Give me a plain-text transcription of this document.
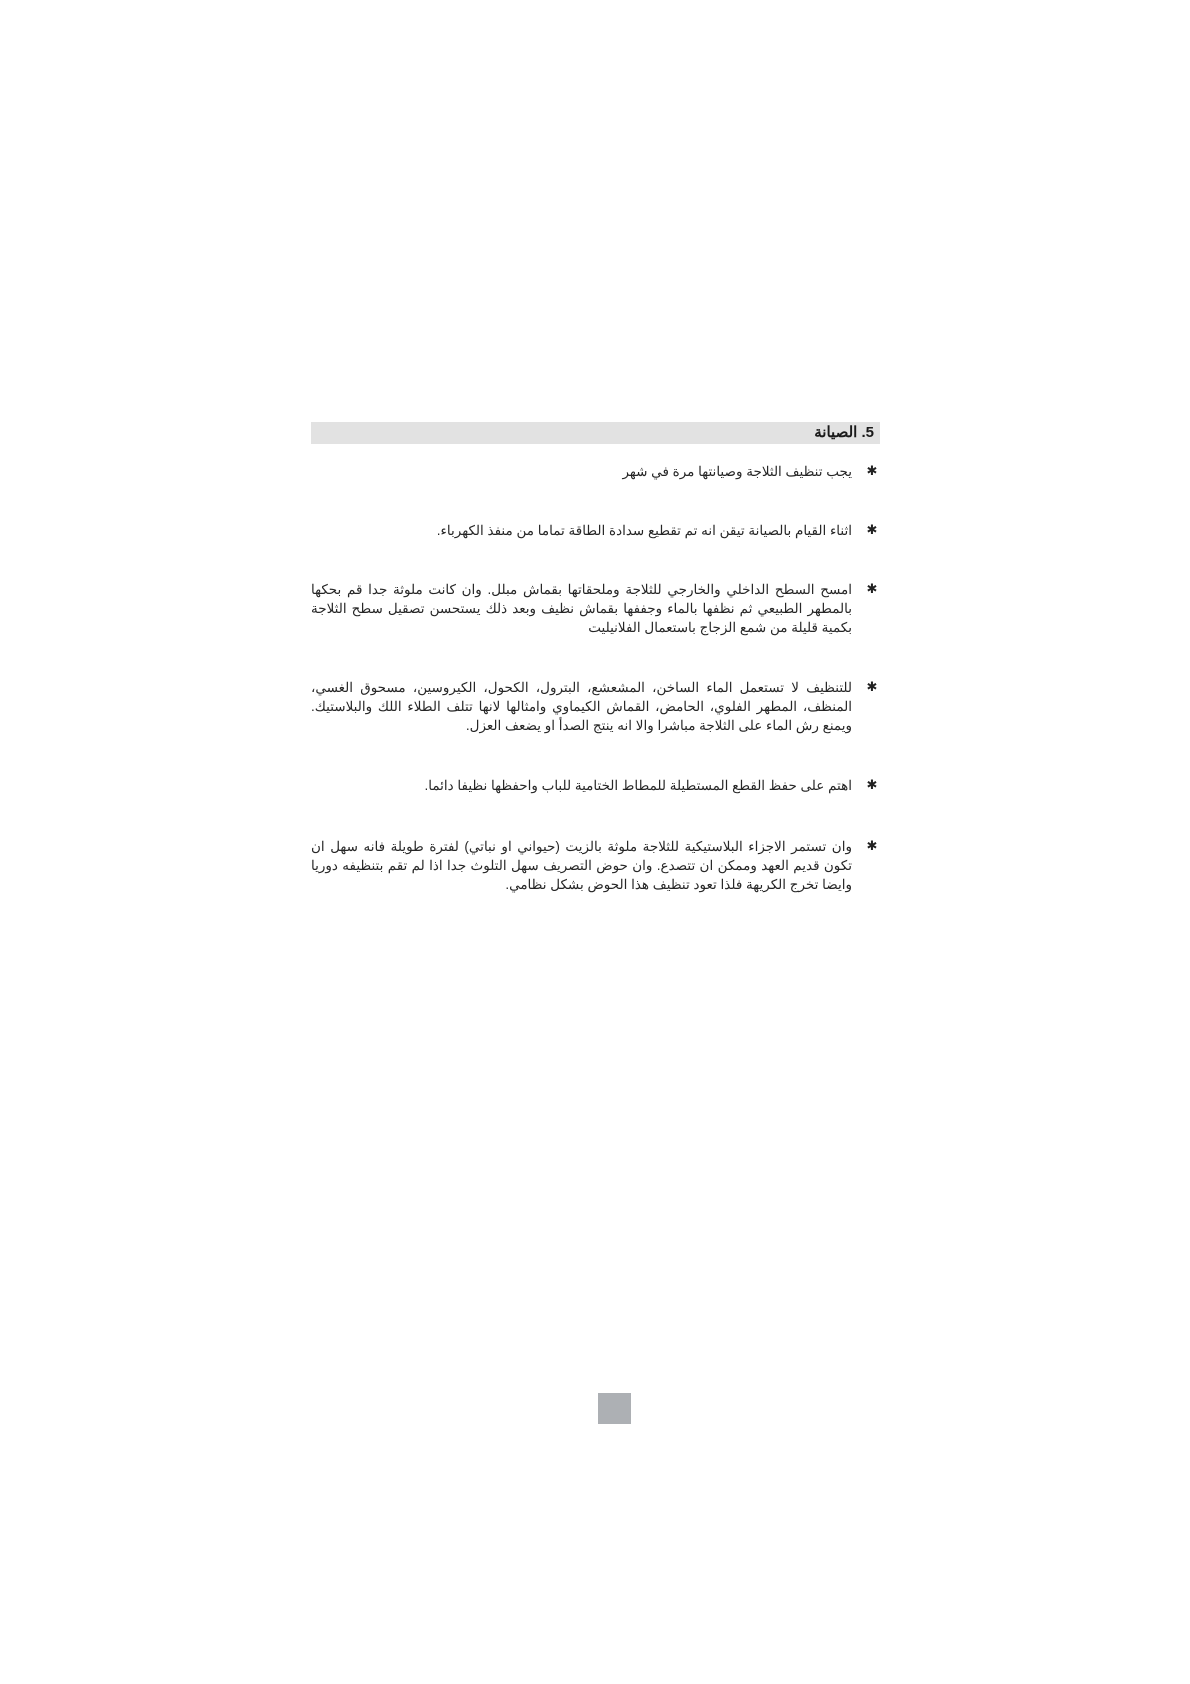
5. الصيانة
✱
يجب تنظيف الثلاجة وصيانتها مرة في شهر
✱
اثناء القيام بالصيانة تيقن انه تم تقطيع سدادة الطاقة تماما من منفذ الكهرباء.
✱
امسح السطح الداخلي والخارجي للثلاجة وملحقاتها بقماش مبلل. وان كانت ملوثة جدا قم بحكها بالمطهر الطبيعي ثم نظفها بالماء وجففها بقماش نظيف وبعد ذلك يستحسن تصقيل سطح الثلاجة بكمية قليلة من شمع الزجاج باستعمال الفلانيليت
✱
للتنظيف لا تستعمل الماء الساخن، المشعشع، البترول، الكحول، الكيروسين، مسحوق الغسي، المنظف، المطهر الفلوي، الحامض، القماش الكيماوي وامثالها لانها تتلف الطلاء اللك والبلاستيك. ويمنع رش الماء على الثلاجة مباشرا والا انه ينتج الصدأ او يضعف العزل.
✱
اهتم على حفظ القطع المستطيلة للمطاط الختامية للباب واحفظها نظيفا دائما.
✱
وان تستمر الاجزاء البلاستيكية للثلاجة ملوثة بالزيت (حيواني او نباتي) لفترة طويلة فانه سهل ان تكون قديم العهد وممكن ان تتصدع. وان حوض التصريف سهل التلوث جدا اذا لم تقم بتنظيفه دوريا وايضا تخرج الكريهة فلذا تعود تنظيف هذا الحوض بشكل نظامي.
